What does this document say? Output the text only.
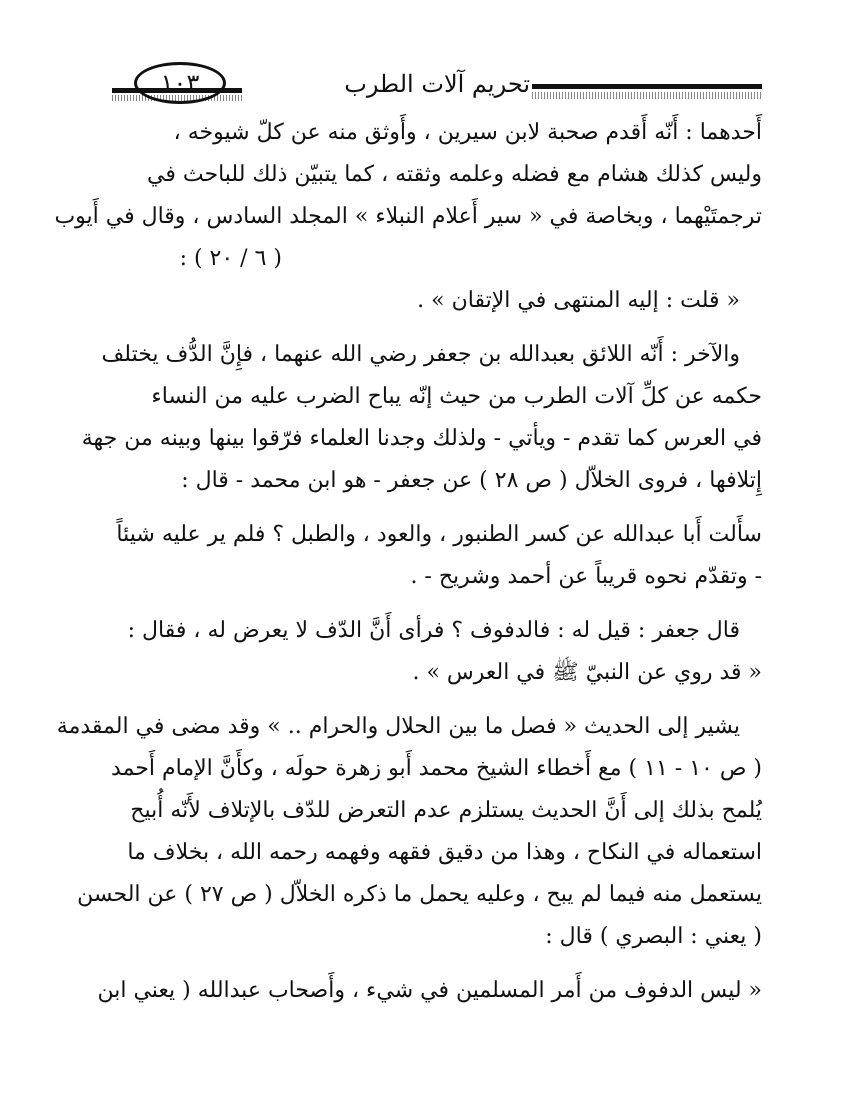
١٠٣	تحريم آلات الطرب
أَحدهما : أَنّه أَقدم صحبة لابن سيرين ، وأَوثق منه عن كلّ شيوخه ،
وليس كذلك هشام مع فضله وعلمه وثقته ، كما يتبيّن ذلك للباحث في
ترجمتَيْهما ، وبخاصة في « سير أَعلام النبلاء » المجلد السادس ، وقال في أَيوب
( ٦ / ٢٠ ) :
« قلت : إليه المنتهى في الإتقان » .
والآخر : أَنّه اللائق بعبدالله بن جعفر رضي الله عنهما ، فإِنَّ الدُّف يختلف
حكمه عن كلِّ آلات الطرب من حيث إنّه يباح الضرب عليه من النساء
في العرس كما تقدم - ويأتي - ولذلك وجدنا العلماء فرّقوا بينها وبينه من جهة
إِتلافها ، فروى الخلاّل ( ص ٢٨ ) عن جعفر - هو ابن محمد - قال :
سأَلت أَبا عبدالله عن كسر الطنبور ، والعود ، والطبل ؟ فلم ير عليه شيئاً
- وتقدّم نحوه قريباً عن أحمد وشريح - .
قال جعفر : قيل له : فالدفوف ؟ فرأى أَنَّ الدّف لا يعرض له ، فقال :
« قد روي عن النبيّ ﷺ في العرس » .
يشير إلى الحديث « فصل ما بين الحلال والحرام .. » وقد مضى في المقدمة
( ص ١٠ - ١١ ) مع أَخطاء الشيخ محمد أَبو زهرة حولَه ، وكأَنَّ الإمام أَحمد
يُلمح بذلك إلى أَنَّ الحديث يستلزم عدم التعرض للدّف بالإتلاف لأَنّه أُبيح
استعماله في النكاح ، وهذا من دقيق فقهه وفهمه رحمه الله ، بخلاف ما
يستعمل منه فيما لم يبح ، وعليه يحمل ما ذكره الخلاّل ( ص ٢٧ ) عن الحسن
( يعني : البصري ) قال :
« ليس الدفوف من أَمر المسلمين في شيء ، وأَصحاب عبدالله ( يعني ابن
